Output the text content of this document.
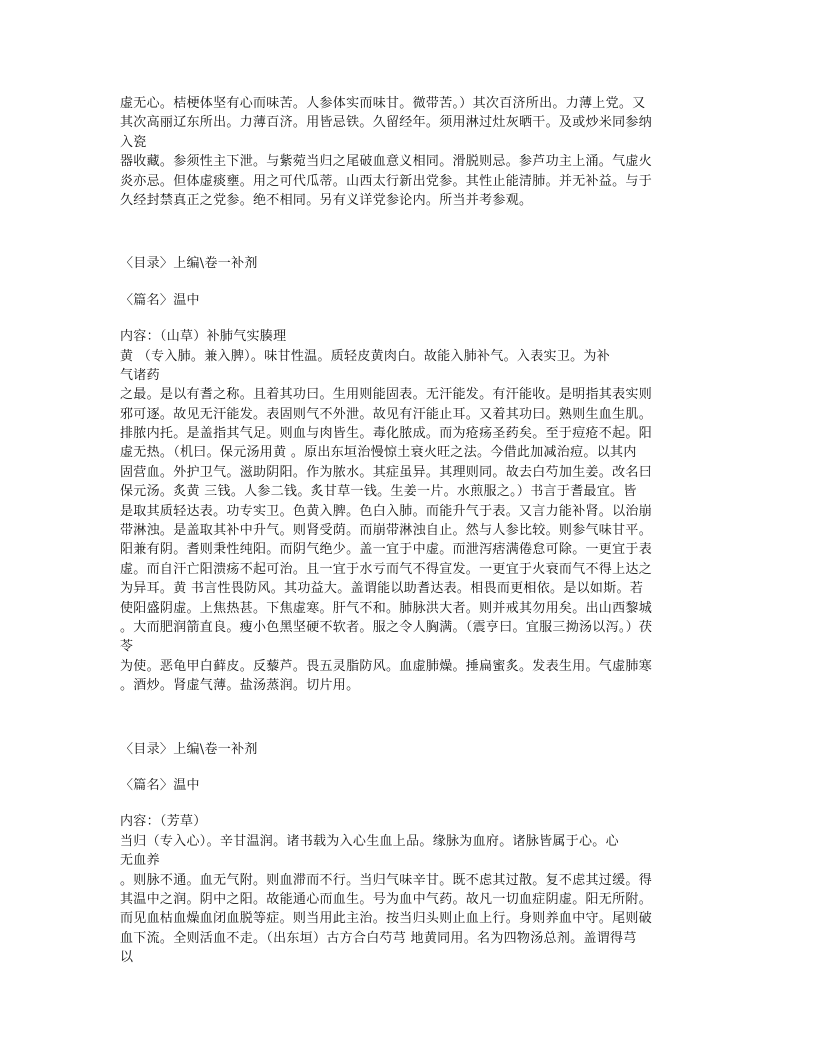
虚无心。桔梗体坚有心而味苦。人参体实而味甘。微带苦。）其次百济所出。力薄上党。又
其次高丽辽东所出。力薄百济。用皆忌铁。久留经年。须用淋过灶灰晒干。及或炒米同参纳
入瓷
器收藏。参须性主下泄。与紫菀当归之尾破血意义相同。滑脱则忌。参芦功主上涌。气虚火
炎亦忌。但体虚痰壅。用之可代瓜蒂。山西太行新出党参。其性止能清肺。并无补益。与于
久经封禁真正之党参。绝不相同。另有义详党参论内。所当并考参观。
〈目录〉上编\卷一补剂
〈篇名〉温中
内容：（山草）补肺气实腠理
黄 （专入肺。兼入脾）。味甘性温。质轻皮黄肉白。故能入肺补气。入表实卫。为补
气诸药
之最。是以有耆之称。且着其功曰。生用则能固表。无汗能发。有汗能收。是明指其表实则
邪可逐。故见无汗能发。表固则气不外泄。故见有汗能止耳。又着其功曰。熟则生血生肌。
排脓内托。是盖指其气足。则血与肉皆生。毒化脓成。而为疮疡圣药矣。至于痘疮不起。阳
虚无热。（机曰。保元汤用黄 。原出东垣治慢惊土衰火旺之法。今借此加减治痘。以其内
固营血。外护卫气。滋助阴阳。作为脓水。其症虽异。其理则同。故去白芍加生姜。改名曰
保元汤。炙黄 三钱。人参二钱。炙甘草一钱。生姜一片。水煎服之。）书言于耆最宜。皆
是取其质轻达表。功专实卫。色黄入脾。色白入肺。而能升气于表。又言力能补肾。以治崩
带淋浊。是盖取其补中升气。则肾受荫。而崩带淋浊自止。然与人参比较。则参气味甘平。
阳兼有阴。耆则秉性纯阳。而阴气绝少。盖一宜于中虚。而泄泻痞满倦怠可除。一更宜于表
虚。而自汗亡阳溃疡不起可治。且一宜于水亏而气不得宣发。一更宜于火衰而气不得上达之
为异耳。黄 书言性畏防风。其功益大。盖谓能以助耆达表。相畏而更相依。是以如斯。若
使阳盛阴虚。上焦热甚。下焦虚寒。肝气不和。肺脉洪大者。则并戒其勿用矣。出山西黎城
。大而肥润箭直良。瘦小色黑坚硬不软者。服之令人胸满。（震亨曰。宜服三拗汤以泻。）茯
苓
为使。恶龟甲白藓皮。反藜芦。畏五灵脂防风。血虚肺燥。捶扁蜜炙。发表生用。气虚肺寒
。酒炒。肾虚气薄。盐汤蒸润。切片用。
〈目录〉上编\卷一补剂
〈篇名〉温中
内容：（芳草）
当归（专入心）。辛甘温润。诸书载为入心生血上品。缘脉为血府。诸脉皆属于心。心
无血养
。则脉不通。血无气附。则血滞而不行。当归气味辛甘。既不虑其过散。复不虑其过缓。得
其温中之润。阴中之阳。故能通心而血生。号为血中气药。故凡一切血症阴虚。阳无所附。
而见血枯血燥血闭血脱等症。则当用此主治。按当归头则止血上行。身则养血中守。尾则破
血下流。全则活血不走。（出东垣）古方合白芍芎 地黄同用。名为四物汤总剂。盖谓得芎
以
